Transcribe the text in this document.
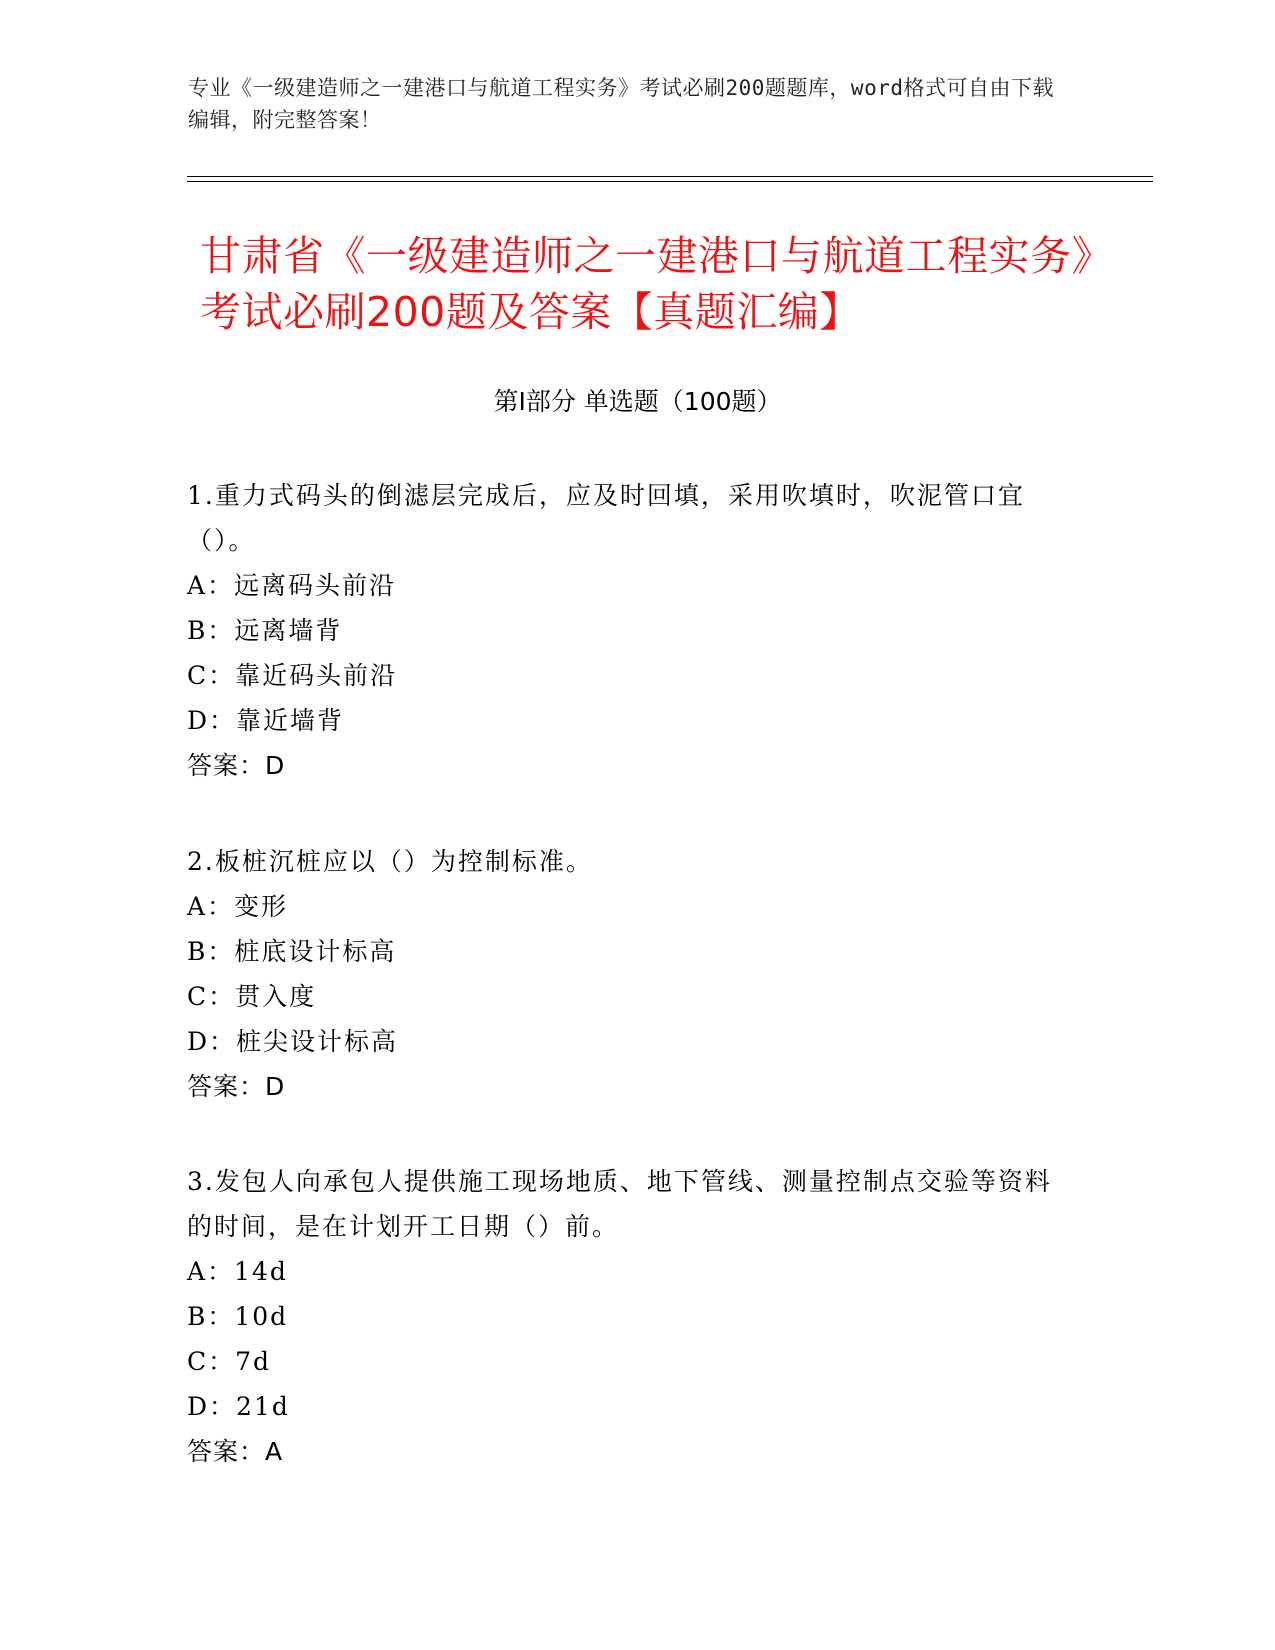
专业《一级建造师之一建港口与航道工程实务》考试必刷200题题库，word格式可自由下载编辑，附完整答案！
甘肃省《一级建造师之一建港口与航道工程实务》考试必刷200题及答案【真题汇编】
第Ⅰ部分 单选题（100题）
1.重力式码头的倒滤层完成后，应及时回填，采用吹填时，吹泥管口宜（）。
A：远离码头前沿
B：远离墙背
C：靠近码头前沿
D：靠近墙背
答案：D
2.板桩沉桩应以（）为控制标准。
A：变形
B：桩底设计标高
C：贯入度
D：桩尖设计标高
答案：D
3.发包人向承包人提供施工现场地质、地下管线、测量控制点交验等资料的时间，是在计划开工日期（）前。
A：14d
B：10d
C：7d
D：21d
答案：A
